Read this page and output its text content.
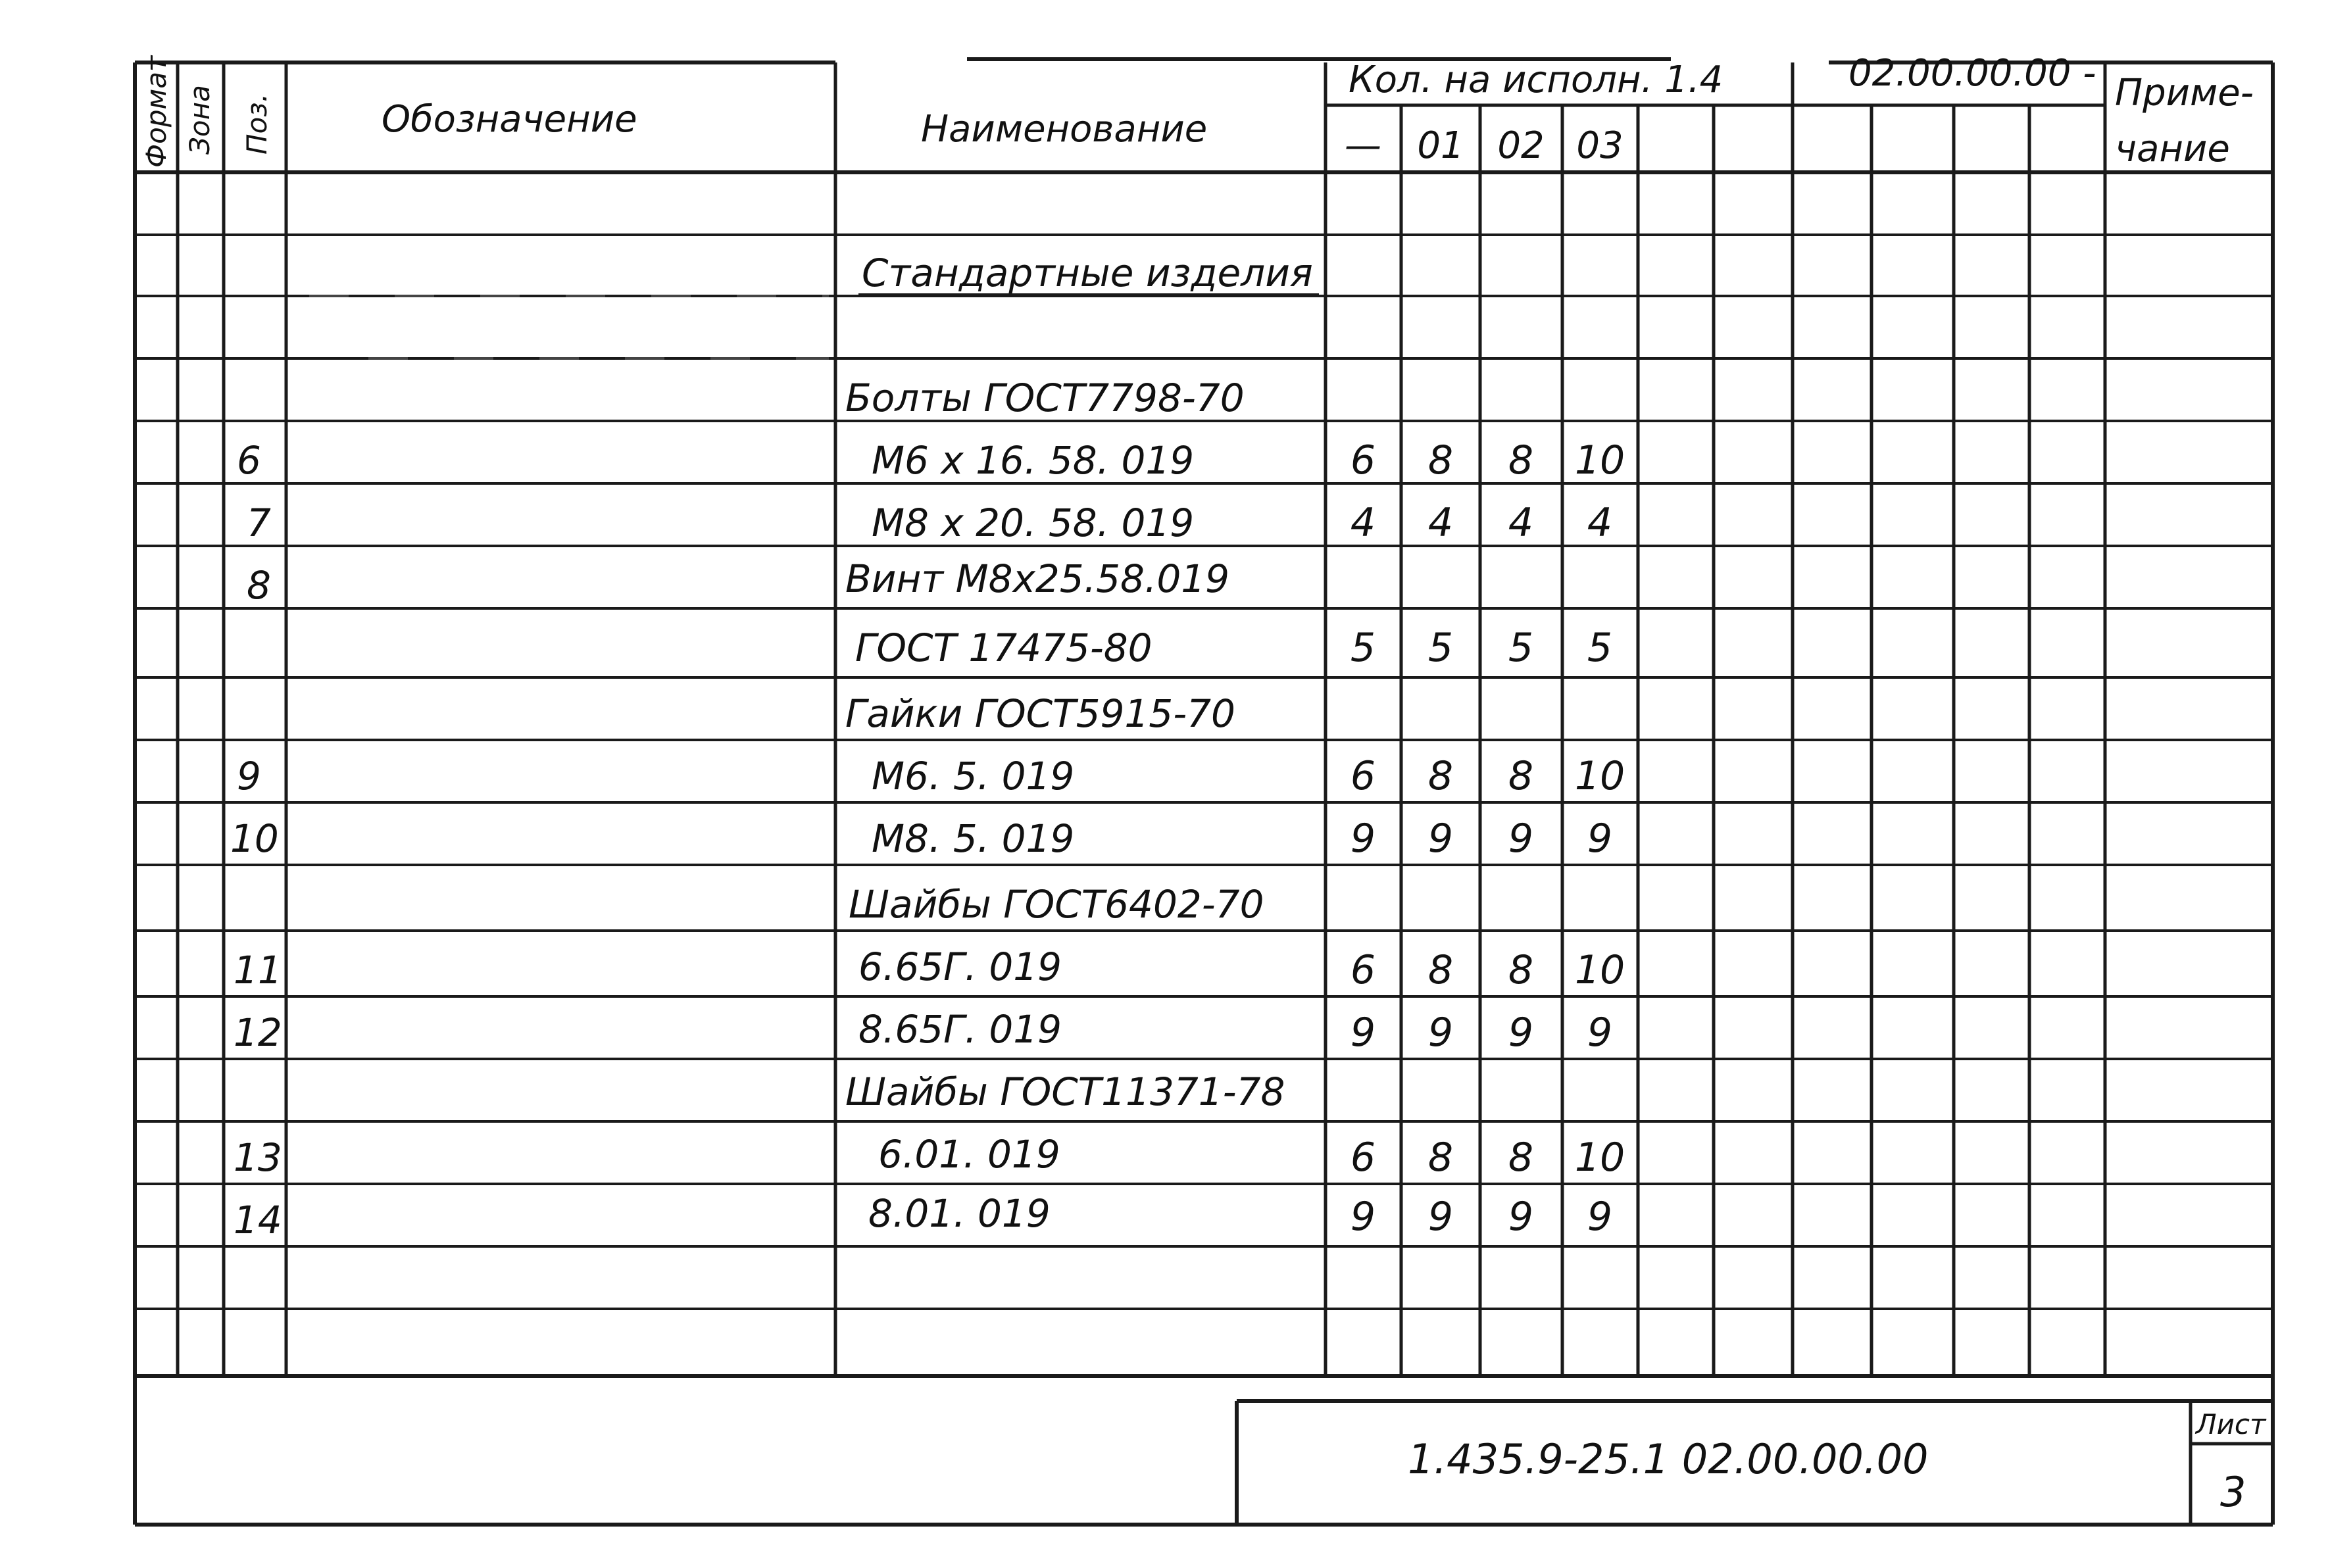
Формат Зона Поз.	Обозначение	Наименование
Кол. на исполн. 1.4	02.00.00.00 - Приме-
чание
— 01 02 03
Стандартные изделия
Болты ГОСТ7798-70
6	М6 х 16. 58. 019	6 8 8 10
7	М8 х 20. 58. 019	4 4 4 4
8	Винт М8х25.58.019
ГОСТ 17475-80	5 5 5 5
Гайки ГОСТ5915-70
9	М6. 5. 019	6 8 8 10
10	М8. 5. 019	9 9 9 9
Шайбы ГОСТ6402-70
11	6.65Г. 019	6 8 8 10
12	8.65Г. 019	9 9 9 9
Шайбы ГОСТ11371-78
13	6.01. 019	6 8 8 10
14	8.01. 019	9 9 9 9
1.435.9-25.1 02.00.00.00
Лист
3
